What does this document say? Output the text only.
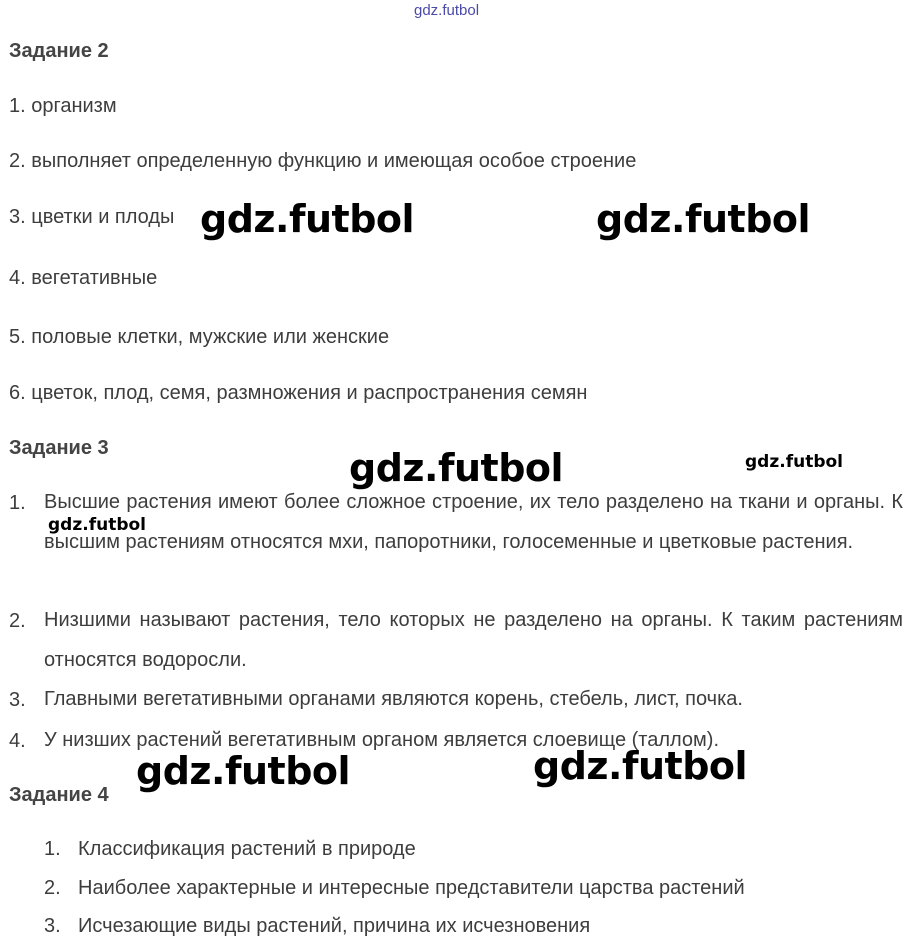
gdz.futbol
Задание 2
1. организм
2. выполняет определенную функцию и имеющая особое строение
3. цветки и плоды
4. вегетативные
5. половые клетки, мужские или женские
6. цветок, плод, семя, размножения и распространения семян
Задание 3
1. Высшие растения имеют более сложное строение, их тело разделено на ткани и органы. К высшим растениям относятся мхи, папоротники, голосеменные и цветковые растения.
2. Низшими называют растения, тело которых не разделено на органы. К таким растениям относятся водоросли.
3. Главными вегетативными органами являются корень, стебель, лист, почка.
4. У низших растений вегетативным органом является слоевище (таллом).
Задание 4
1. Классификация растений в природе
2. Наиболее характерные и интересные представители царства растений
3. Исчезающие виды растений, причина их исчезновения
gdz.futbol	gdz.futbol
gdz.futbol	gdz.futbol
gdz.futbol
gdz.futbol	gdz.futbol
